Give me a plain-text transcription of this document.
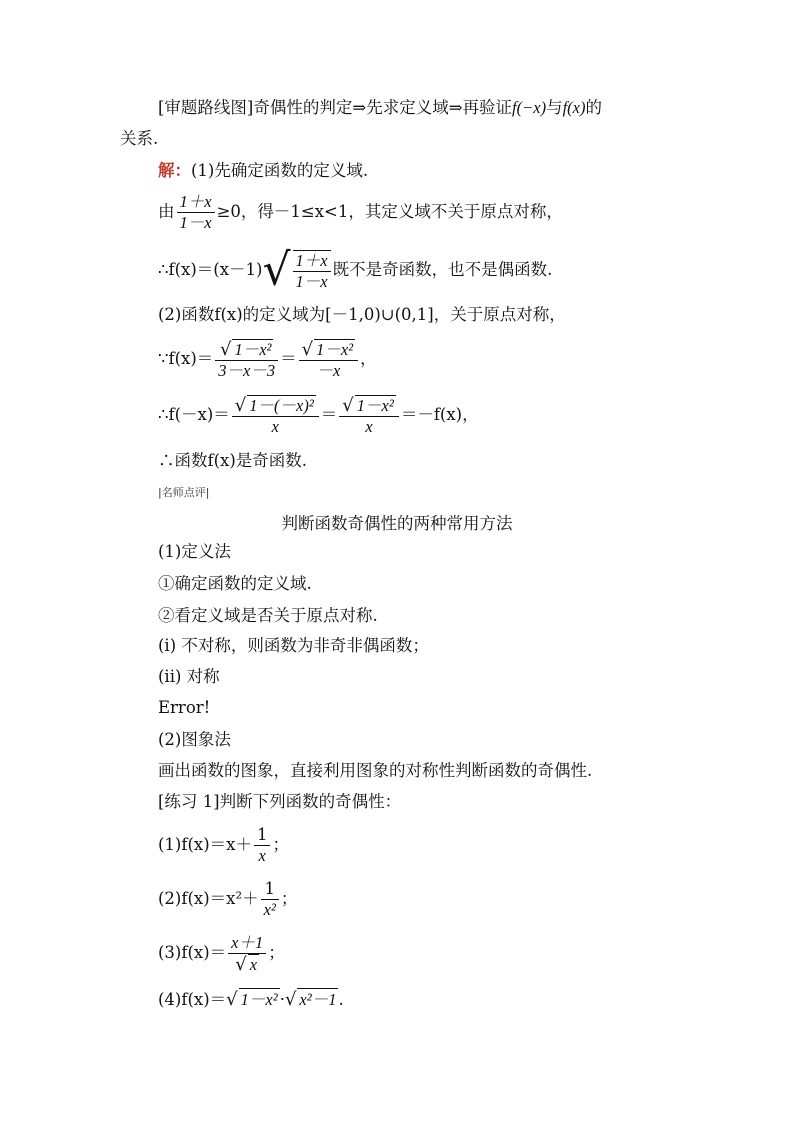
[审题路线图]奇偶性的判定⇒先求定义域⇒再验证f(−x)与f(x)的
关系.
解：(1)先确定函数的定义域.
由 $\frac{1+x}{1-x} \ge 0$，得－1≤x<1，其定义域不关于原点对称，
∴f(x)＝(x－1)√ $\frac{1+x}{1-x}$ 既不是奇函数，也不是偶函数.
(2)函数f(x)的定义域为[－1,0)∪(0,1]，关于原点对称，
∵f(x)＝ $\frac{\text{√ 1－x²}}{3-x-3} = \frac{\text{√ 1－x²}}{-x}$ ，
∴f(－x)＝ $\frac{\text{√ 1－(－x)²}}{x} = \frac{\text{√ 1－x²}}{x} =-f(x)$，
∴函数f(x)是奇函数.
|名师点评|
判断函数奇偶性的两种常用方法
(1)定义法
①确定函数的定义域.
②看定义域是否关于原点对称.
(i) 不对称，则函数为非奇非偶函数；
(ii) 对称
Error!
(2)图象法
画出函数的图象，直接利用图象的对称性判断函数的奇偶性.
[练习 1]判断下列函数的奇偶性：
$(1)f(x)=x+ \frac{1}{x}$ ；
$(2)f(x)=x^2+ \frac{1}{\text{x²}}$ ；
$(3)f(x)= \frac{x+1}{√ x}$ ；
(4)f(x)＝√ 1－x² ·√ x²－1 .
